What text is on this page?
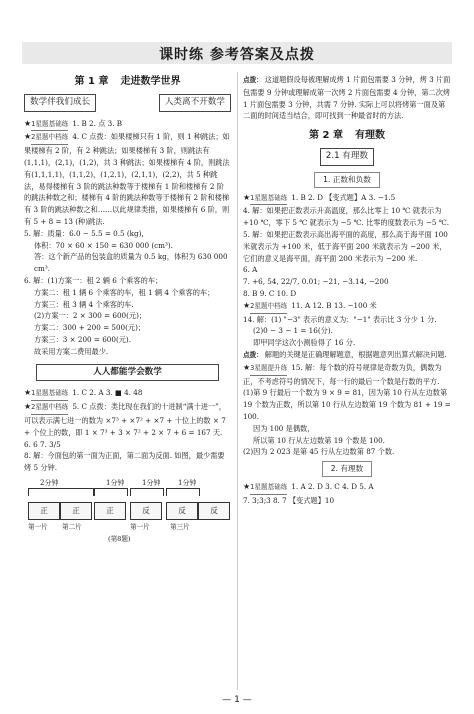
课时练 参考答案及点拨
第 1 章 走进数学世界
数学伴我们成长	人类离不开数学

★1星题基础练 1. B 2. 点 3. B

★2星题中档练 4. C 点拨：如果楼梯只有 1 阶，则 1 种跳法；如果楼梯有 2 阶，有 2 种跳法；如果楼梯有 3 阶，则跳法有(1,1,1)，(2,1)，(1,2)，共 3 种跳法；如果楼梯有 4 阶，则跳法有(1,1,1,1)，(1,1,2)，(1,2,1)，(2,1,1)，(2,2)，共 5 种跳法，易得楼梯有 3 阶的跳法种数等于楼梯有 1 阶和楼梯有 2 阶的跳法种数之和；楼梯有 4 阶的跳法种数等于楼梯有 2 阶和楼梯有 3 阶的跳法种数之和……以此规律类推，如果楼梯有 6 阶，则有 5 + 8 = 13 (种)跳法.

5. 解：质量：6.0 − 5.5 = 0.5 (kg)，

体积：70 × 60 × 150 = 630 000 (cm³).

答：这个新产品的包装盒的质量为 0.5 kg，体积为 630 000 cm³.

6. 解：(1)方案一：租 2 辆 6 个乘客的车；

方案二：租 1 辆 6 个乘客的车，租 1 辆 4 个乘客的车；

方案三：租 3 辆 4 个乘客的车.

(2)方案一：2 × 300 = 600(元)；

方案二：300 + 200 = 500(元)；

方案三：3 × 200 = 600(元).

故采用方案二费用最少.

人人都能学会数学

★1星题基础练 1. C 2. A 3. ■ 4. 48

★2星题中档练 5. C 点拨：类比现在我们的十进制“满十进一”，可以表示满七进一的数为 ×7³ + ×7² + ×7 + 十位上的数 × 7 + 个位上的数，即 1 × 7³ + 3 × 7² + 2 × 7 + 6 = 167 天.

6. 6 7. 3/5

8. 解：今面包的第一面为正面，第二面为反面. 如图，最少需要烤 5 分钟.

2分钟	1分钟	1分钟	1分钟
正	正	正	反	反	反
第一片 第二片	第一片	第三片
(第8题)

点拨： 这道题假设每被理解成烤 1 片面包需要 3 分钟，烤 3 片面包需要 9 分钟或理解成第一次烤 2 片面包需要 4 分钟，第二次烤 1 片面包需要 3 分钟，共需 7 分钟. 实际上可以将烤第一面及第二面的时间适当结合，即可找到一种最省时的方法.

第 2 章 有理数
2.1 有理数
1. 正数和负数

★1星题基础练 1. B 2. D 【变式题】A 3. −1.5

4. 解：如果把正数表示升高温度，那么比零上 10 ℃ 就表示为 +10 ℃，零下 5 ℃ 就表示为 −5 ℃. 比零的度数表示为 −5 ℃.

5. 解：如果把正数表示高出海平面的高度，那么高于海平面 100 米就表示为 +100 米，低于海平面 200 米就表示为 −200 米，它们的意义是海平面，海平面 200 米表示为 −200 米.

6. A

7. +6, 54, 22/7, 0.01; −21, −3.14, −200

8. B 9. C 10. D

★2星题中档练 11. A 12. B 13. −100 米

14. 解：(1) "−3" 表示的意义为："−1" 表示比 3 分少 1 分.

(2)0 − 3 − 1 = 16(分).

即甲同学这次小测验得了 16 分.

点拨： 解题的关键是正确理解题意，根据题意列出算式解决问题.

★3星题提升练 15. 解：每个数的符号规律是奇数为负，偶数为正，不考虑符号的情况下，每一行的最后一个数是行数的平方.

(1)第 9 行最后一个数为 9 × 9 = 81，因为第 10 行从左边数第 19 个数为正数，所以第 10 行从左边数第 19 个数为 81 + 19 = 100.

因为 100 是偶数，

所以第 10 行从左边数第 19 个数是 100.

(2)因为 2 023 是第 45 行从左边数第 87 个数.

2. 有理数

★1星题基础练 1. A 2. D 3. C 4. D 5. A

7. 3;3;3 8. 7 【变式题】10

— 1 —
